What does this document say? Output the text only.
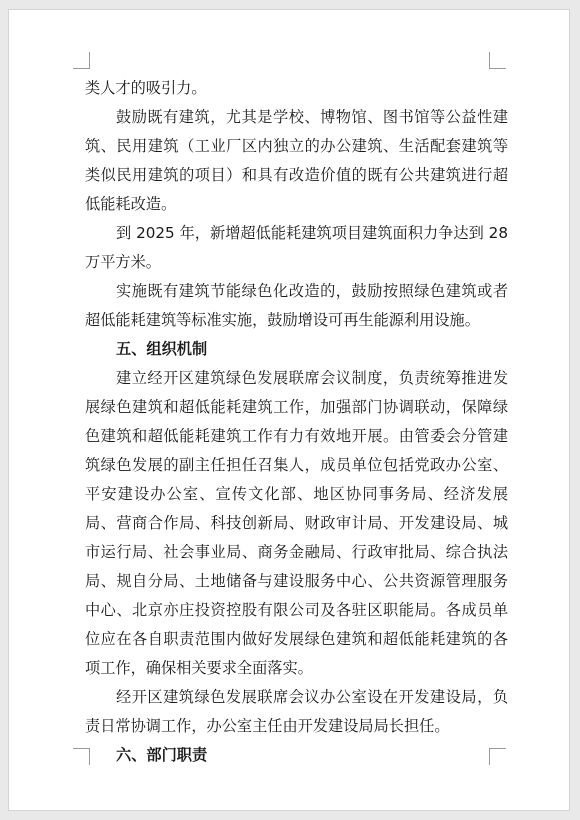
类人才的吸引力。

鼓励既有建筑，尤其是学校、博物馆、图书馆等公益性建筑、民用建筑（工业厂区内独立的办公建筑、生活配套建筑等类似民用建筑的项目）和具有改造价值的既有公共建筑进行超低能耗改造。

到 2025 年，新增超低能耗建筑项目建筑面积力争达到 28 万平方米。

实施既有建筑节能绿色化改造的，鼓励按照绿色建筑或者超低能耗建筑等标准实施，鼓励增设可再生能源利用设施。

五、组织机制

建立经开区建筑绿色发展联席会议制度，负责统筹推进发展绿色建筑和超低能耗建筑工作，加强部门协调联动，保障绿色建筑和超低能耗建筑工作有力有效地开展。由管委会分管建筑绿色发展的副主任担任召集人，成员单位包括党政办公室、平安建设办公室、宣传文化部、地区协同事务局、经济发展局、营商合作局、科技创新局、财政审计局、开发建设局、城市运行局、社会事业局、商务金融局、行政审批局、综合执法局、规自分局、土地储备与建设服务中心、公共资源管理服务中心、北京亦庄投资控股有限公司及各驻区职能局。各成员单位应在各自职责范围内做好发展绿色建筑和超低能耗建筑的各项工作，确保相关要求全面落实。

经开区建筑绿色发展联席会议办公室设在开发建设局，负责日常协调工作，办公室主任由开发建设局局长担任。

六、部门职责
